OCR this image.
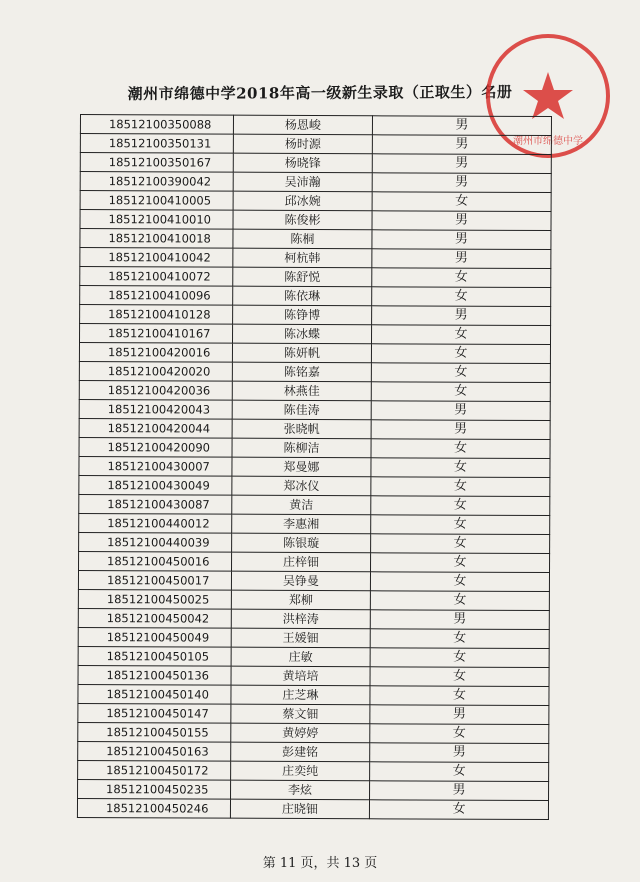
潮州市绵德中学2018年高一级新生录取（正取生）名册
潮州市绵德中学
18512100350088	杨恩峻	男
18512100350131	杨时源	男
18512100350167	杨晓锋	男
18512100390042	吴沛瀚	男
18512100410005	邱冰婉	女
18512100410010	陈俊彬	男
18512100410018	陈桐	男
18512100410042	柯杭韩	男
18512100410072	陈舒悦	女
18512100410096	陈依琳	女
18512100410128	陈铮博	男
18512100410167	陈冰蝶	女
18512100420016	陈妍帆	女
18512100420020	陈铭嘉	女
18512100420036	林燕佳	女
18512100420043	陈佳涛	男
18512100420044	张晓帆	男
18512100420090	陈柳洁	女
18512100430007	郑曼娜	女
18512100430049	郑冰仪	女
18512100430087	黄洁	女
18512100440012	李惠湘	女
18512100440039	陈银璇	女
18512100450016	庄梓钿	女
18512100450017	吴铮曼	女
18512100450025	郑柳	女
18512100450042	洪梓涛	男
18512100450049	王媛钿	女
18512100450105	庄敏	女
18512100450136	黄培培	女
18512100450140	庄芝琳	女
18512100450147	蔡文钿	男
18512100450155	黄婷婷	女
18512100450163	彭建铭	男
18512100450172	庄奕纯	女
18512100450235	李炫	男
18512100450246	庄晓钿	女
第 11 页，共 13 页
